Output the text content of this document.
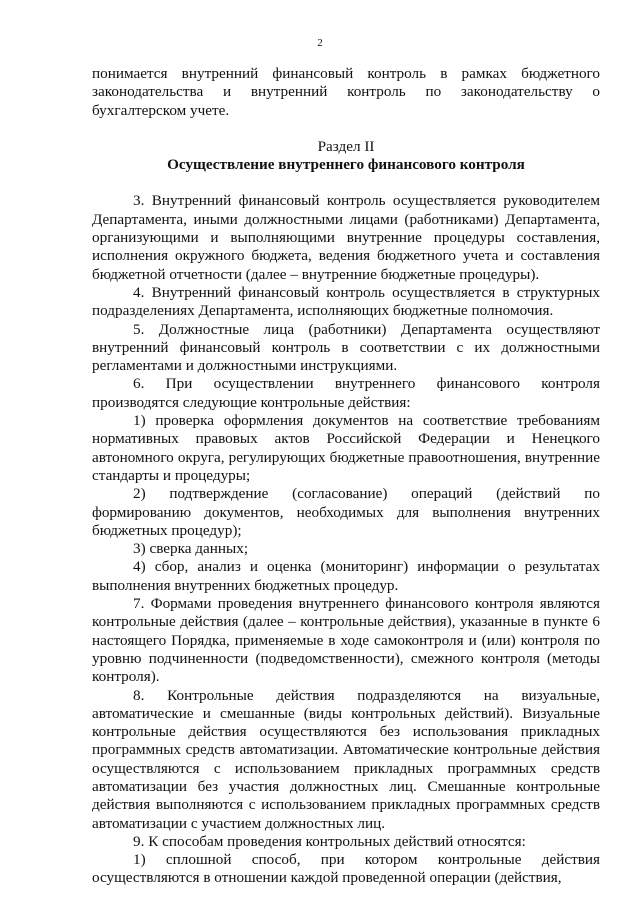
2

понимается внутренний финансовый контроль в рамках бюджетного законодательства и внутренний контроль по законодательству о бухгалтерском учете.

Раздел II

Осуществление внутреннего финансового контроля

3. Внутренний финансовый контроль осуществляется руководителем Департамента, иными должностными лицами (работниками) Департамента, организующими и выполняющими внутренние процедуры составления, исполнения окружного бюджета, ведения бюджетного учета и составления бюджетной отчетности (далее – внутренние бюджетные процедуры).

4. Внутренний финансовый контроль осуществляется в структурных подразделениях Департамента, исполняющих бюджетные полномочия.

5. Должностные лица (работники) Департамента осуществляют внутренний финансовый контроль в соответствии с их должностными регламентами и должностными инструкциями.

6. При осуществлении внутреннего финансового контроля производятся следующие контрольные действия:

1) проверка оформления документов на соответствие требованиям нормативных правовых актов Российской Федерации и Ненецкого автономного округа, регулирующих бюджетные правоотношения, внутренние стандарты и процедуры;

2) подтверждение (согласование) операций (действий по формированию документов, необходимых для выполнения внутренних бюджетных процедур);

3) сверка данных;

4) сбор, анализ и оценка (мониторинг) информации о результатах выполнения внутренних бюджетных процедур.

7. Формами проведения внутреннего финансового контроля являются контрольные действия (далее – контрольные действия), указанные в пункте 6 настоящего Порядка, применяемые в ходе самоконтроля и (или) контроля по уровню подчиненности (подведомственности), смежного контроля (методы контроля).

8. Контрольные действия подразделяются на визуальные, автоматические и смешанные (виды контрольных действий). Визуальные контрольные действия осуществляются без использования прикладных программных средств автоматизации. Автоматические контрольные действия осуществляются с использованием прикладных программных средств автоматизации без участия должностных лиц. Смешанные контрольные действия выполняются с использованием прикладных программных средств автоматизации с участием должностных лиц.

9. К способам проведения контрольных действий относятся:

1) сплошной способ, при котором контрольные действия осуществляются в отношении каждой проведенной операции (действия,
